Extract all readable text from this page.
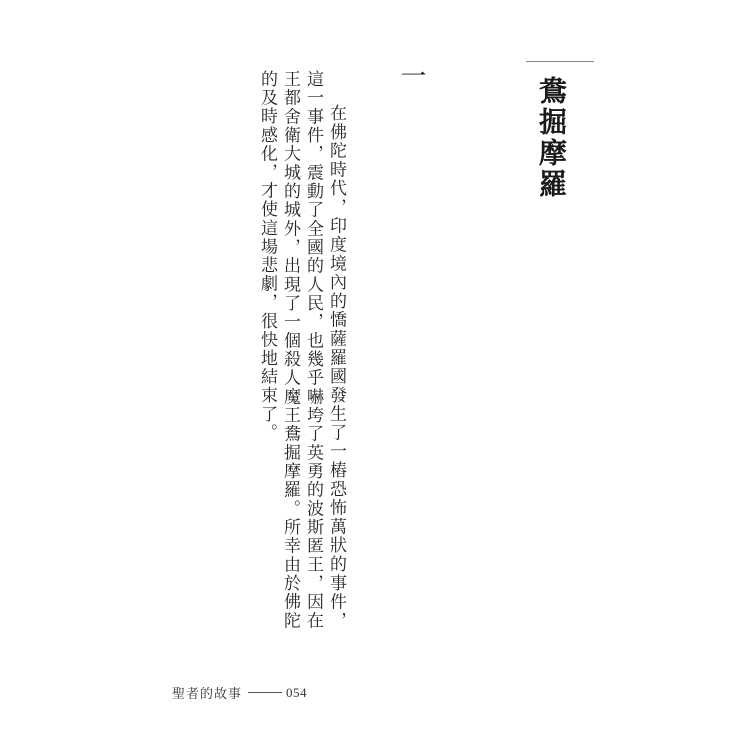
鴦掘摩羅
一

在佛陀時代，印度境內的憍薩羅國發生了一樁恐怖萬狀的事件，這一事件，震動了全國的人民，也幾乎嚇垮了英勇的波斯匿王，因在王都舍衛大城的城外，出現了一個殺人魔王鴦掘摩羅。所幸由於佛陀的及時感化，才使這場悲劇，很快地結束了。

聖者的故事	054
